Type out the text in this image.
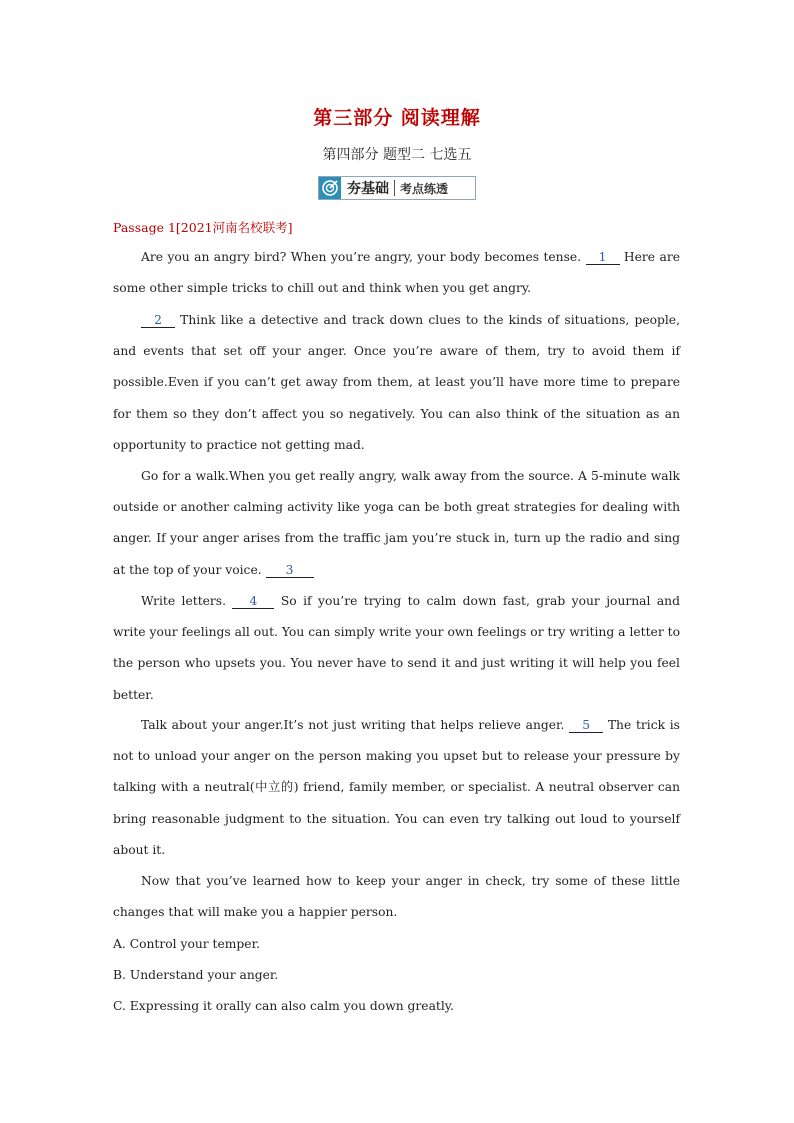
第三部分 阅读理解
第四部分 题型二 七选五
夯基础 考点练透
Passage 1[2021河南名校联考]

Are you an angry bird? When you’re angry, your body becomes tense. 1 Here are some other simple tricks to chill out and think when you get angry.

2 Think like a detective and track down clues to the kinds of situations, people, and events that set off your anger. Once you’re aware of them, try to avoid them if possible.Even if you can’t get away from them, at least you’ll have more time to prepare for them so they don’t affect you so negatively. You can also think of the situation as an opportunity to practice not getting mad.

Go for a walk.When you get really angry, walk away from the source. A 5-minute walk outside or another calming activity like yoga can be both great strategies for dealing with anger. If your anger arises from the traffic jam you’re stuck in, turn up the radio and sing at the top of your voice. 3

Write letters. 4 So if you’re trying to calm down fast, grab your journal and write your feelings all out. You can simply write your own feelings or try writing a letter to the person who upsets you. You never have to send it and just writing it will help you feel better.

Talk about your anger.It’s not just writing that helps relieve anger. 5 The trick is not to unload your anger on the person making you upset but to release your pressure by talking with a neutral(中立的) friend, family member, or specialist. A neutral observer can bring reasonable judgment to the situation. You can even try talking out loud to yourself about it.

Now that you’ve learned how to keep your anger in check, try some of these little changes that will make you a happier person.

A. Control your temper.
B. Understand your anger.
C. Expressing it orally can also calm you down greatly.
